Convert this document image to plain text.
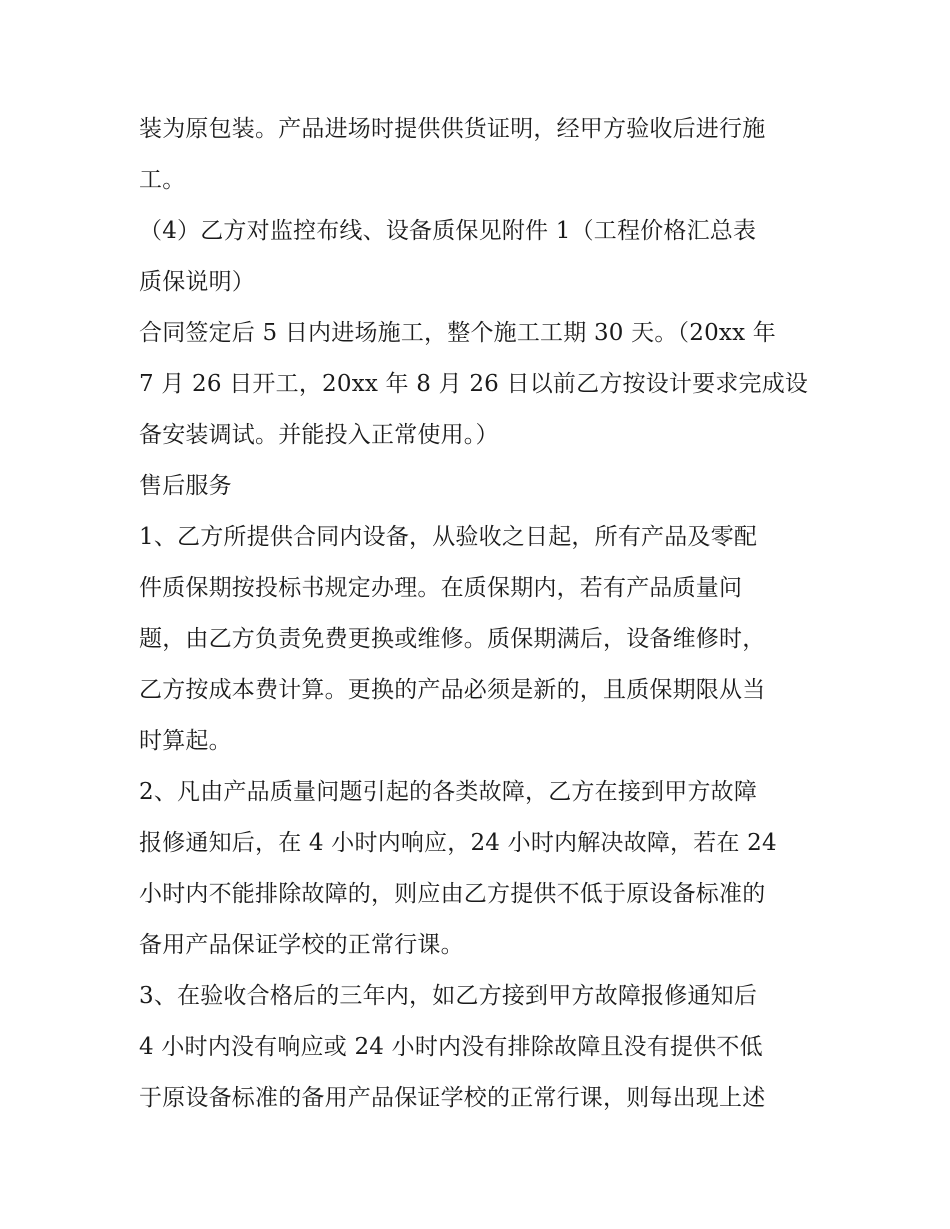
装为原包装。产品进场时提供供货证明，经甲方验收后进行施
工。
（4）乙方对监控布线、设备质保见附件 1（工程价格汇总表
质保说明）
合同签定后 5 日内进场施工，整个施工工期 30 天。（20xx 年
7 月 26 日开工，20xx 年 8 月 26 日以前乙方按设计要求完成设
备安装调试。并能投入正常使用。）
售后服务
1、乙方所提供合同内设备，从验收之日起，所有产品及零配
件质保期按投标书规定办理。在质保期内，若有产品质量问
题，由乙方负责免费更换或维修。质保期满后，设备维修时，
乙方按成本费计算。更换的产品必须是新的，且质保期限从当
时算起。
2、凡由产品质量问题引起的各类故障，乙方在接到甲方故障
报修通知后，在 4 小时内响应，24 小时内解决故障，若在 24
小时内不能排除故障的，则应由乙方提供不低于原设备标准的
备用产品保证学校的正常行课。
3、在验收合格后的三年内，如乙方接到甲方故障报修通知后
4 小时内没有响应或 24 小时内没有排除故障且没有提供不低
于原设备标准的备用产品保证学校的正常行课，则每出现上述
